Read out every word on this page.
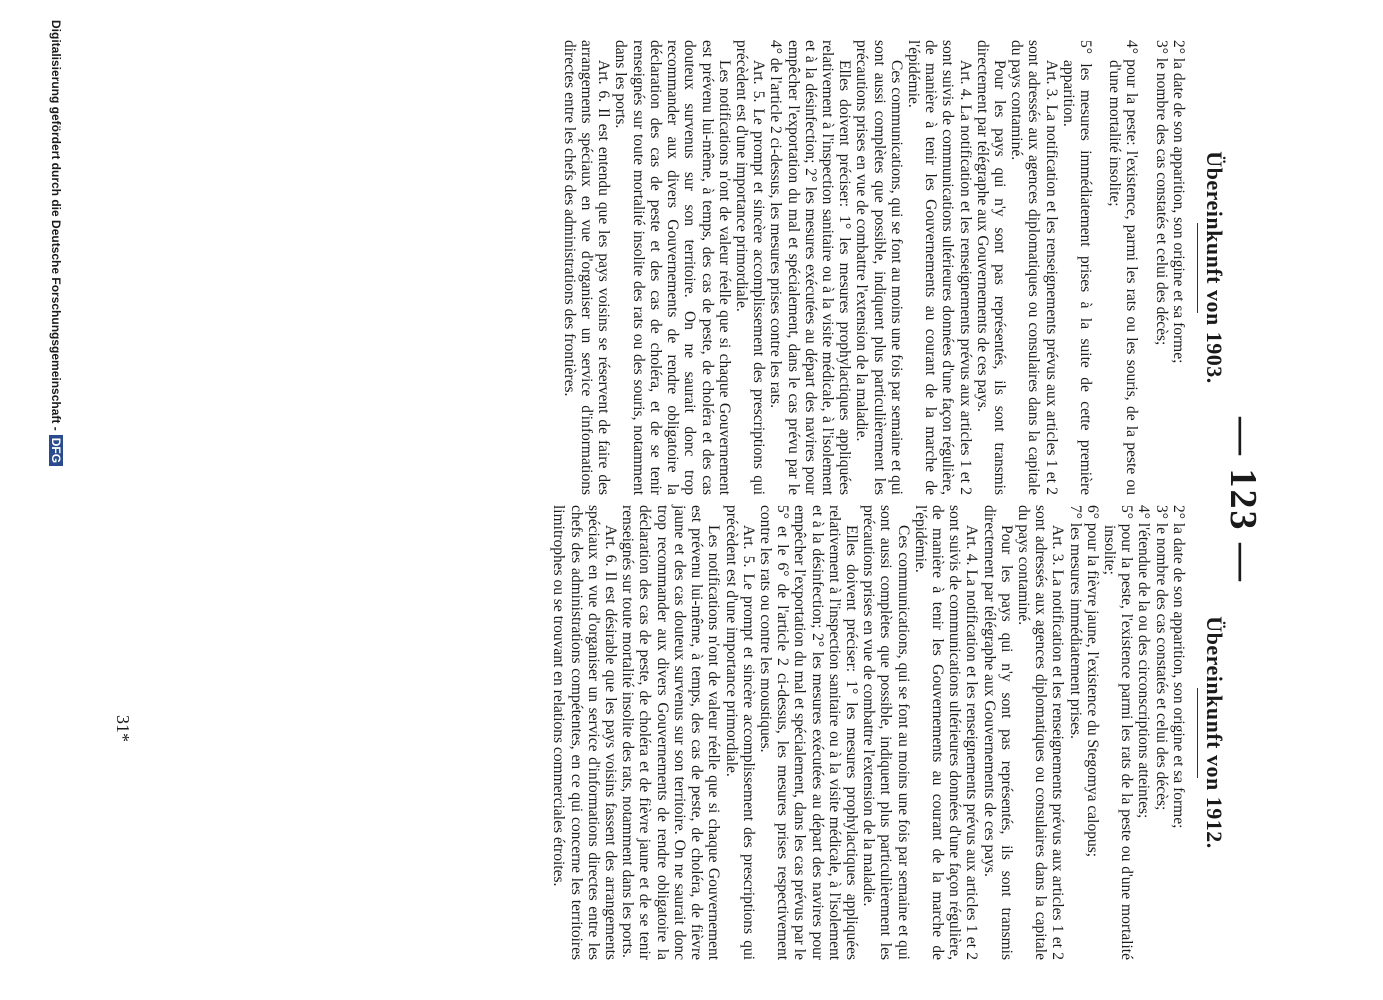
— 123 —
Übereinkunft von 1903.

2° la date de son apparition, son origine et sa forme;

3° le nombre des cas constatés et celui des décès;

4° pour la peste: l'existence, parmi les rats ou les souris, de la peste ou d'une mortalité insolite;

5° les mesures immédiatement prises à la suite de cette première apparition.

Art. 3. La notification et les renseignements prévus aux articles 1 et 2 sont adressés aux agences diplomatiques ou consulaires dans la capitale du pays contaminé.

Pour les pays qui n'y sont pas représentés, ils sont transmis directement par télégraphe aux Gouvernements de ces pays.

Art. 4. La notification et les renseignements prévus aux articles 1 et 2 sont suivis de communications ultérieures données d'une façon régulière, de manière à tenir les Gouvernements au courant de la marche de l'épidémie.

Ces communications, qui se font au moins une fois par semaine et qui sont aussi complètes que possible, indiquent plus particulièrement les précautions prises en vue de combattre l'extension de la maladie.

Elles doivent préciser: 1° les mesures prophylactiques appliquées relativement à l'inspection sanitaire ou à la visite médicale, à l'isolement et à la désinfection; 2° les mesures exécutées au départ des navires pour empêcher l'exportation du mal et spécialement, dans le cas prévu par le 4° de l'article 2 ci-dessus, les mesures prises contre les rats.

Art. 5. Le prompt et sincère accomplissement des prescriptions qui précèdent est d'une importance primordiale.

Les notifications n'ont de valeur réelle que si chaque Gouvernement est prévenu lui-même, à temps, des cas de peste, de choléra et des cas douteux survenus sur son territoire. On ne saurait donc trop recommander aux divers Gouvernements de rendre obligatoire la déclaration des cas de peste et des cas de choléra, et de se tenir renseignés sur toute mortalité insolite des rats ou des souris, notamment dans les ports.

Art. 6. Il est entendu que les pays voisins se réservent de faire des arrangements spéciaux en vue d'organiser un service d'informations directes entre les chefs des administrations des frontières.

Übereinkunft von 1912.

2° la date de son apparition, son origine et sa forme;

3° le nombre des cas constatés et celui des décès;

4° l'étendue de la ou des circonscriptions atteintes;

5° pour la peste, l'existence parmi les rats de la peste ou d'une mortalité insolite;

6° pour la fièvre jaune, l'existence du Stegomya calopus;

7° les mesures immédiatement prises.

Art. 3. La notification et les renseignements prévus aux articles 1 et 2 sont adressés aux agences diplomatiques ou consulaires dans la capitale du pays contaminé.

Pour les pays qui n'y sont pas représentés, ils sont transmis directement par télégraphe aux Gouvernements de ces pays.

Art. 4. La notification et les renseignements prévus aux articles 1 et 2 sont suivis de communications ultérieures données d'une façon régulière, de manière à tenir les Gouvernements au courant de la marche de l'épidémie.

Ces communications, qui se font au moins une fois par semaine et qui sont aussi complètes que possible, indiquent plus particulièrement les précautions prises en vue de combattre l'extension de la maladie.

Elles doivent préciser: 1° les mesures prophylactiques appliquées relativement à l'inspection sanitaire ou à la visite médicale, à l'isolement et à la désinfection; 2° les mesures exécutées au départ des navires pour empêcher l'exportation du mal et spécialement, dans les cas prévus par le 5° et le 6° de l'article 2 ci-dessus, les mesures prises respectivement contre les rats ou contre les moustiques.

Art. 5. Le prompt et sincère accomplissement des prescriptions qui précèdent est d'une importance primordiale.

Les notifications n'ont de valeur réelle que si chaque Gouvernement est prévenu lui-même, à temps, des cas de peste, de choléra, de fièvre jaune et des cas douteux survenus sur son territoire. On ne saurait donc trop recommander aux divers Gouvernements de rendre obligatoire la déclaration des cas de peste, de choléra et de fièvre jaune et de se tenir renseignés sur toute mortalité insolite des rats, notamment dans les ports.

Art. 6. Il est désirable que les pays voisins fassent des arrangements spéciaux en vue d'organiser un service d'informations directes entre les chefs des administrations compétentes, en ce qui concerne les territoires limitrophes ou se trouvant en relations commerciales étroites.

31*
Digitalisierung gefördert durch die Deutsche Forschungsgemeinschaft -DFG
